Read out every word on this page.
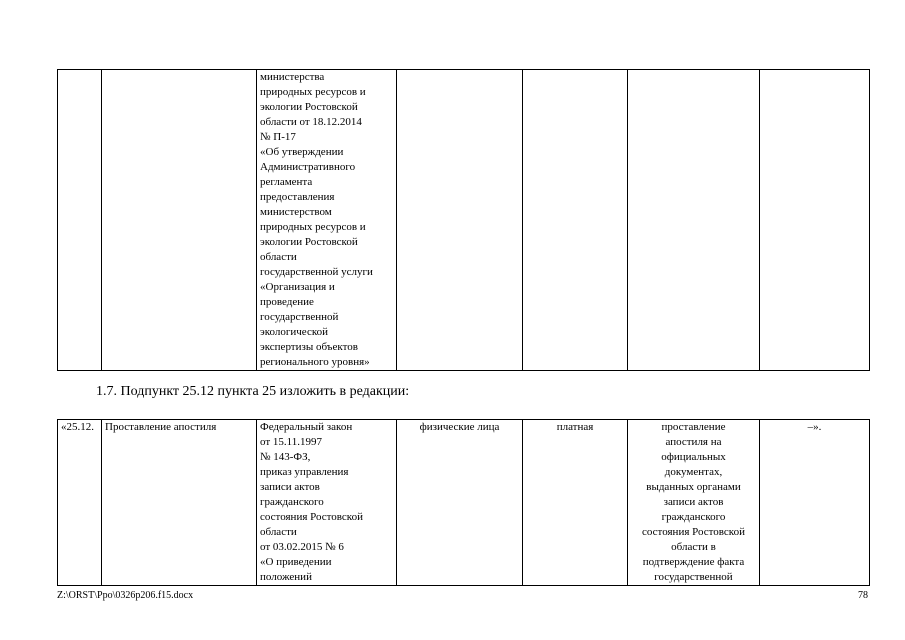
министерства
природных ресурсов и
экологии Ростовской
области от 18.12.2014
№ П-17
«Об утверждении
Административного
регламента
предоставления
министерством
природных ресурсов и
экологии Ростовской
области
государственной услуги
«Организация и
проведение
государственной
экологической
экспертизы объектов
регионального уровня»

1.7. Подпункт 25.12 пункта 25 изложить в редакции:
«25.12.	Проставление апостиля	Федеральный закон
от 15.11.1997
№ 143-ФЗ,
приказ управления
записи актов
гражданского
состояния Ростовской
области
от 03.02.2015 № 6
«О приведении
положений
	физические лица	платная	проставление
апостиля на
официальных
документах,
выданных органами
записи актов
гражданского
состояния Ростовской
области в
подтверждение факта
государственной
	–».
Z:\ORST\Ppo\0326p206.f15.docx	78
